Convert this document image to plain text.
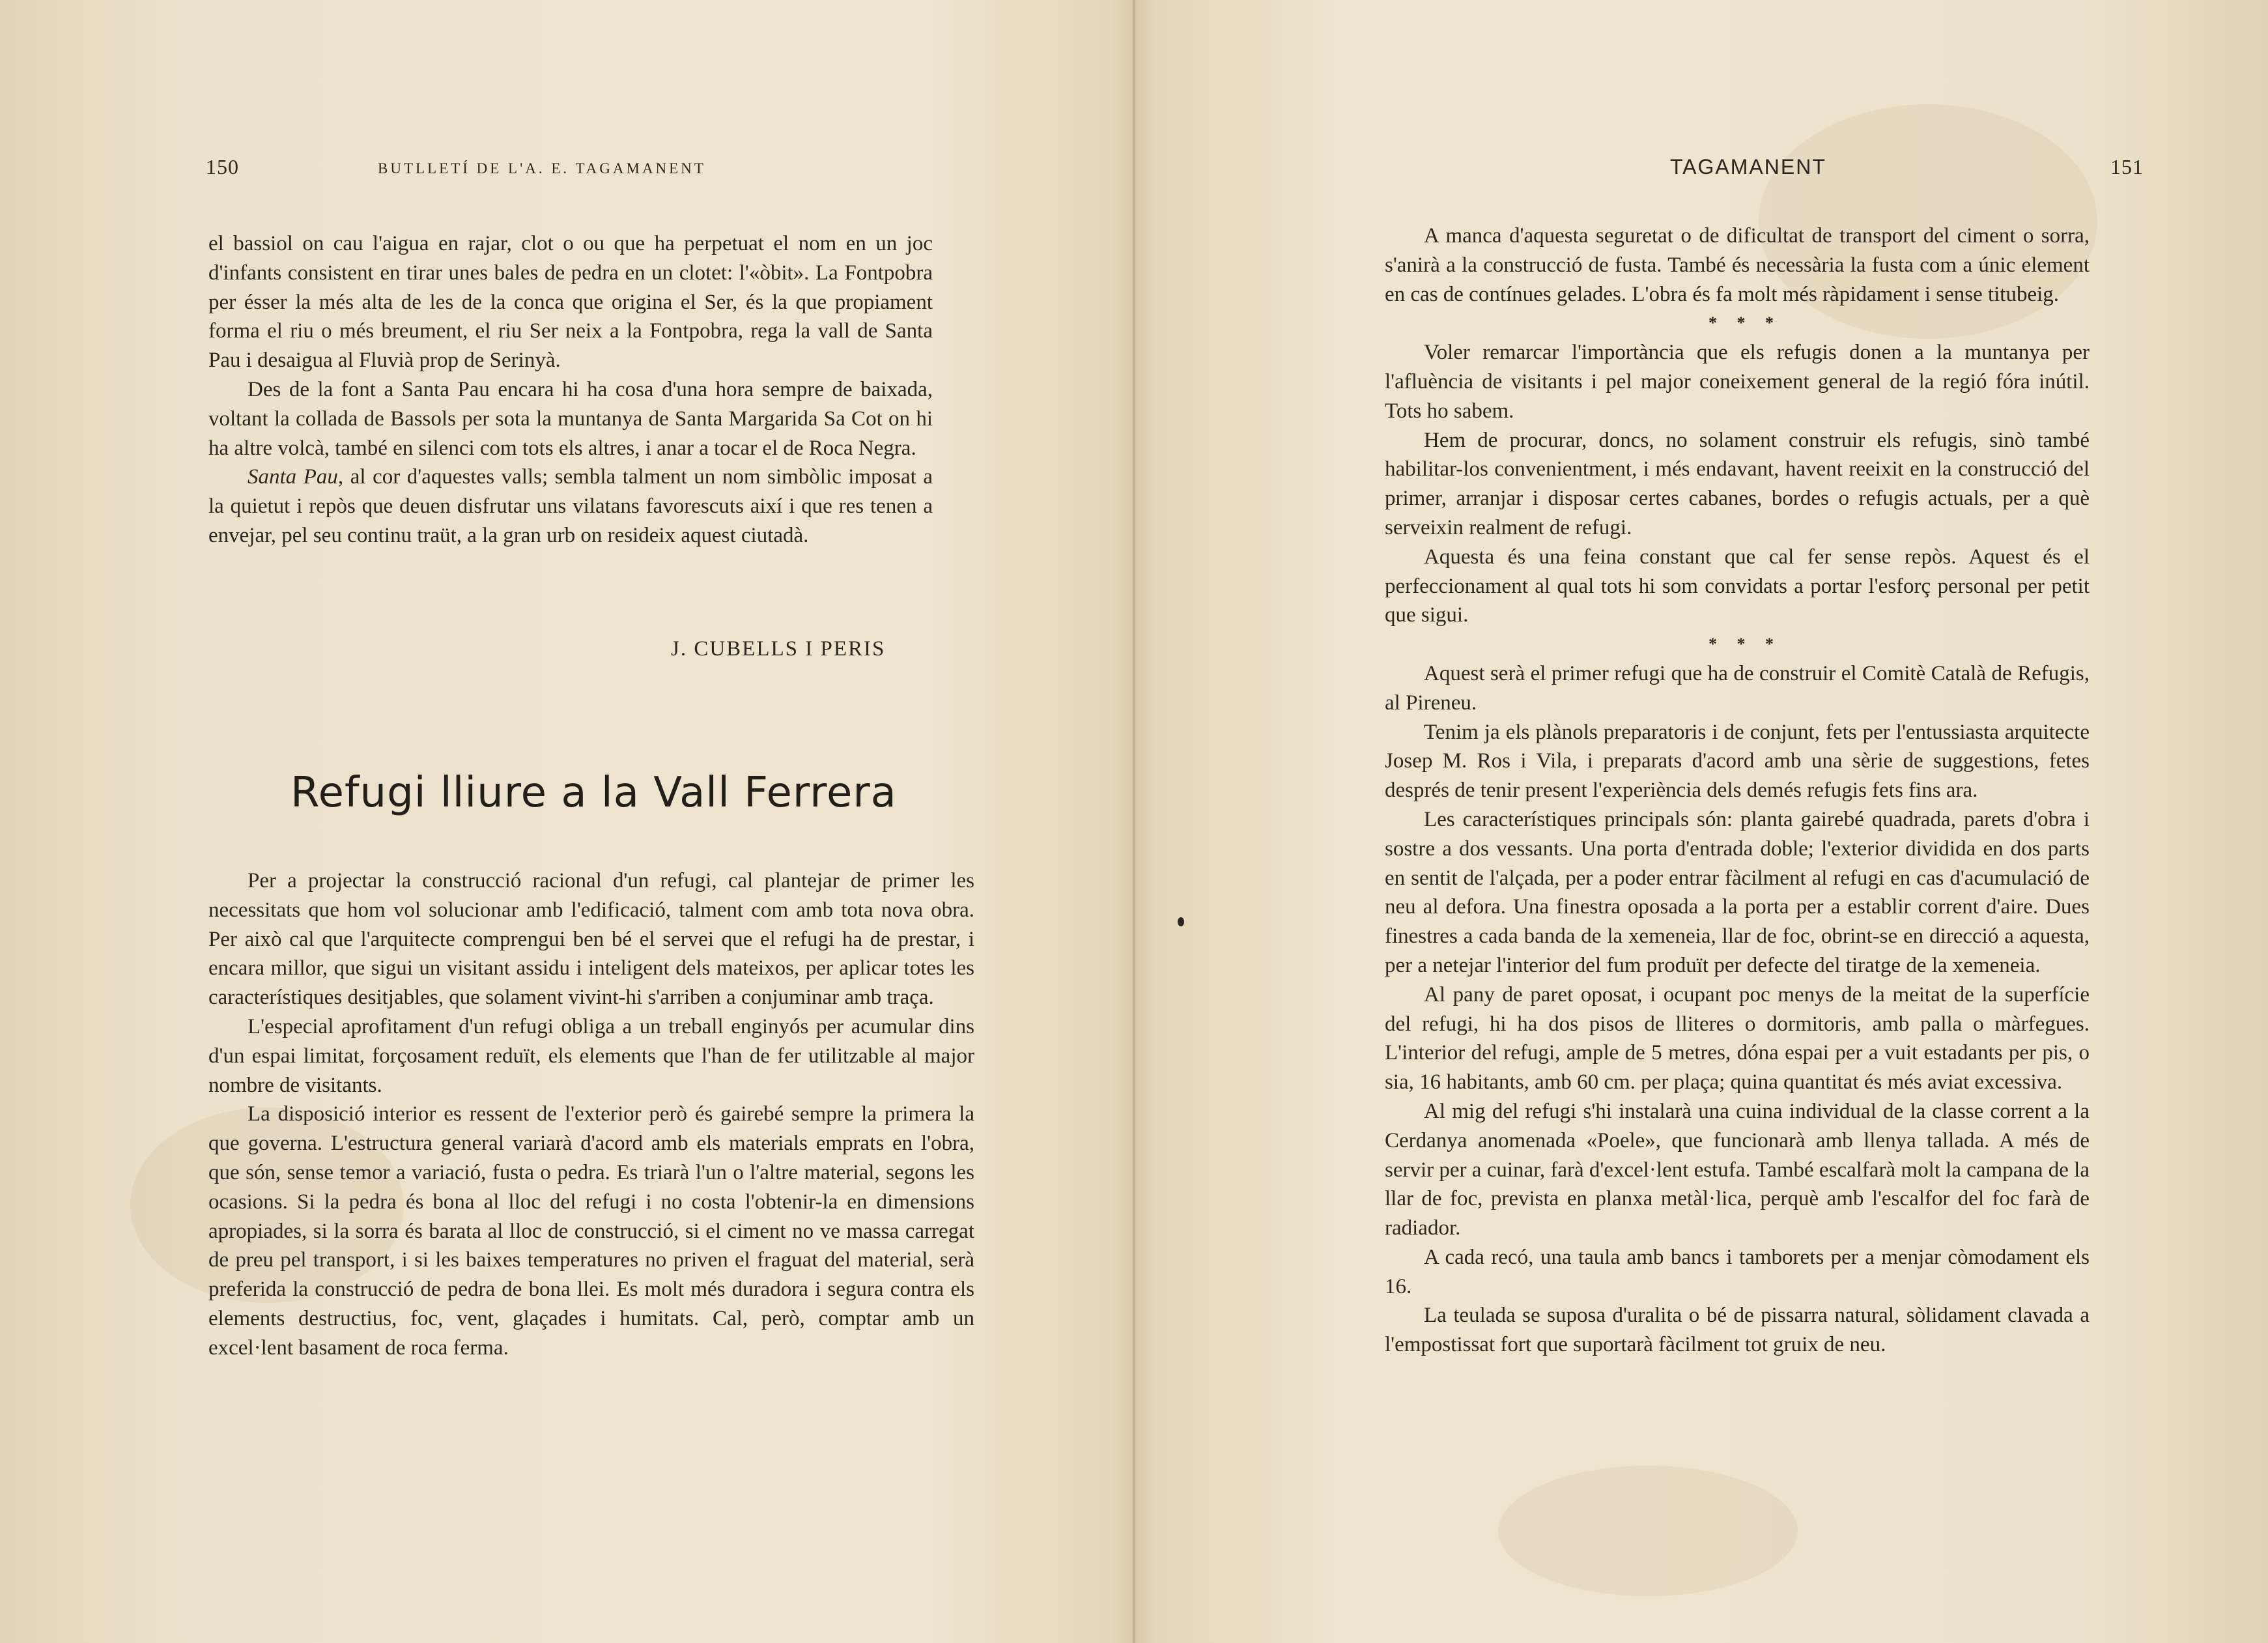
150	BUTLLETÍ DE L'A. E. TAGAMANENT

el bassiol on cau l'aigua en rajar, clot o ou que ha perpetuat el nom en un joc d'infants consistent en tirar unes bales de pedra en un clotet: l'«òbit». La Fontpobra per ésser la més alta de les de la conca que origina el Ser, és la que propiament forma el riu o més breument, el riu Ser neix a la Fontpobra, rega la vall de Santa Pau i desaigua al Fluvià prop de Serinyà.

Des de la font a Santa Pau encara hi ha cosa d'una hora sempre de baixada, voltant la collada de Bassols per sota la muntanya de Santa Margarida Sa Cot on hi ha altre volcà, també en silenci com tots els altres, i anar a tocar el de Roca Negra.

Santa Pau, al cor d'aquestes valls; sembla talment un nom simbòlic imposat a la quietut i repòs que deuen disfrutar uns vilatans favorescuts així i que res tenen a envejar, pel seu continu traüt, a la gran urb on resideix aquest ciutadà.

J. CUBELLS I PERIS
Refugi lliure a la Vall Ferrera

Per a projectar la construcció racional d'un refugi, cal plantejar de primer les necessitats que hom vol solucionar amb l'edificació, talment com amb tota nova obra. Per això cal que l'arquitecte comprengui ben bé el servei que el refugi ha de prestar, i encara millor, que sigui un visitant assidu i inteligent dels mateixos, per aplicar totes les característiques desitjables, que solament vivint-hi s'arriben a conjuminar amb traça.

L'especial aprofitament d'un refugi obliga a un treball enginyós per acumular dins d'un espai limitat, forçosament reduït, els elements que l'han de fer utilitzable al major nombre de visitants.

La disposició interior es ressent de l'exterior però és gairebé sempre la primera la que governa. L'estructura general variarà d'acord amb els materials emprats en l'obra, que són, sense temor a variació, fusta o pedra. Es triarà l'un o l'altre material, segons les ocasions. Si la pedra és bona al lloc del refugi i no costa l'obtenir-la en dimensions apropiades, si la sorra és barata al lloc de construcció, si el ciment no ve massa carregat de preu pel transport, i si les baixes temperatures no priven el fraguat del material, serà preferida la construcció de pedra de bona llei. Es molt més duradora i segura contra els elements destructius, foc, vent, glaçades i humitats. Cal, però, comptar amb un excel·lent basament de roca ferma.

TAGAMANENT	151

A manca d'aquesta seguretat o de dificultat de transport del ciment o sorra, s'anirà a la construcció de fusta. També és necessària la fusta com a únic element en cas de contínues gelades. L'obra és fa molt més ràpidament i sense titubeig.

* * *

Voler remarcar l'importància que els refugis donen a la muntanya per l'afluència de visitants i pel major coneixement general de la regió fóra inútil. Tots ho sabem.

Hem de procurar, doncs, no solament construir els refugis, sinò també habilitar-los convenientment, i més endavant, havent reeixit en la construcció del primer, arranjar i disposar certes cabanes, bordes o refugis actuals, per a què serveixin realment de refugi.

Aquesta és una feina constant que cal fer sense repòs. Aquest és el perfeccionament al qual tots hi som convidats a portar l'esforç personal per petit que sigui.

* * *

Aquest serà el primer refugi que ha de construir el Comitè Català de Refugis, al Pireneu.

Tenim ja els plànols preparatoris i de conjunt, fets per l'entussiasta arquitecte Josep M. Ros i Vila, i preparats d'acord amb una sèrie de suggestions, fetes després de tenir present l'experiència dels demés refugis fets fins ara.

Les característiques principals són: planta gairebé quadrada, parets d'obra i sostre a dos vessants. Una porta d'entrada doble; l'exterior dividida en dos parts en sentit de l'alçada, per a poder entrar fàcilment al refugi en cas d'acumulació de neu al defora. Una finestra oposada a la porta per a establir corrent d'aire. Dues finestres a cada banda de la xemeneia, llar de foc, obrint-se en direcció a aquesta, per a netejar l'interior del fum produït per defecte del tiratge de la xemeneia.

Al pany de paret oposat, i ocupant poc menys de la meitat de la superfície del refugi, hi ha dos pisos de lliteres o dormitoris, amb palla o màrfegues. L'interior del refugi, ample de 5 metres, dóna espai per a vuit estadants per pis, o sia, 16 habitants, amb 60 cm. per plaça; quina quantitat és més aviat excessiva.

Al mig del refugi s'hi instalarà una cuina individual de la classe corrent a la Cerdanya anomenada «Poele», que funcionarà amb llenya tallada. A més de servir per a cuinar, farà d'excel·lent estufa. També escalfarà molt la campana de la llar de foc, prevista en planxa metàl·lica, perquè amb l'escalfor del foc farà de radiador.

A cada recó, una taula amb bancs i tamborets per a menjar còmodament els 16.

La teulada se suposa d'uralita o bé de pissarra natural, sòlidament clavada a l'empostissat fort que suportarà fàcilment tot gruix de neu.
